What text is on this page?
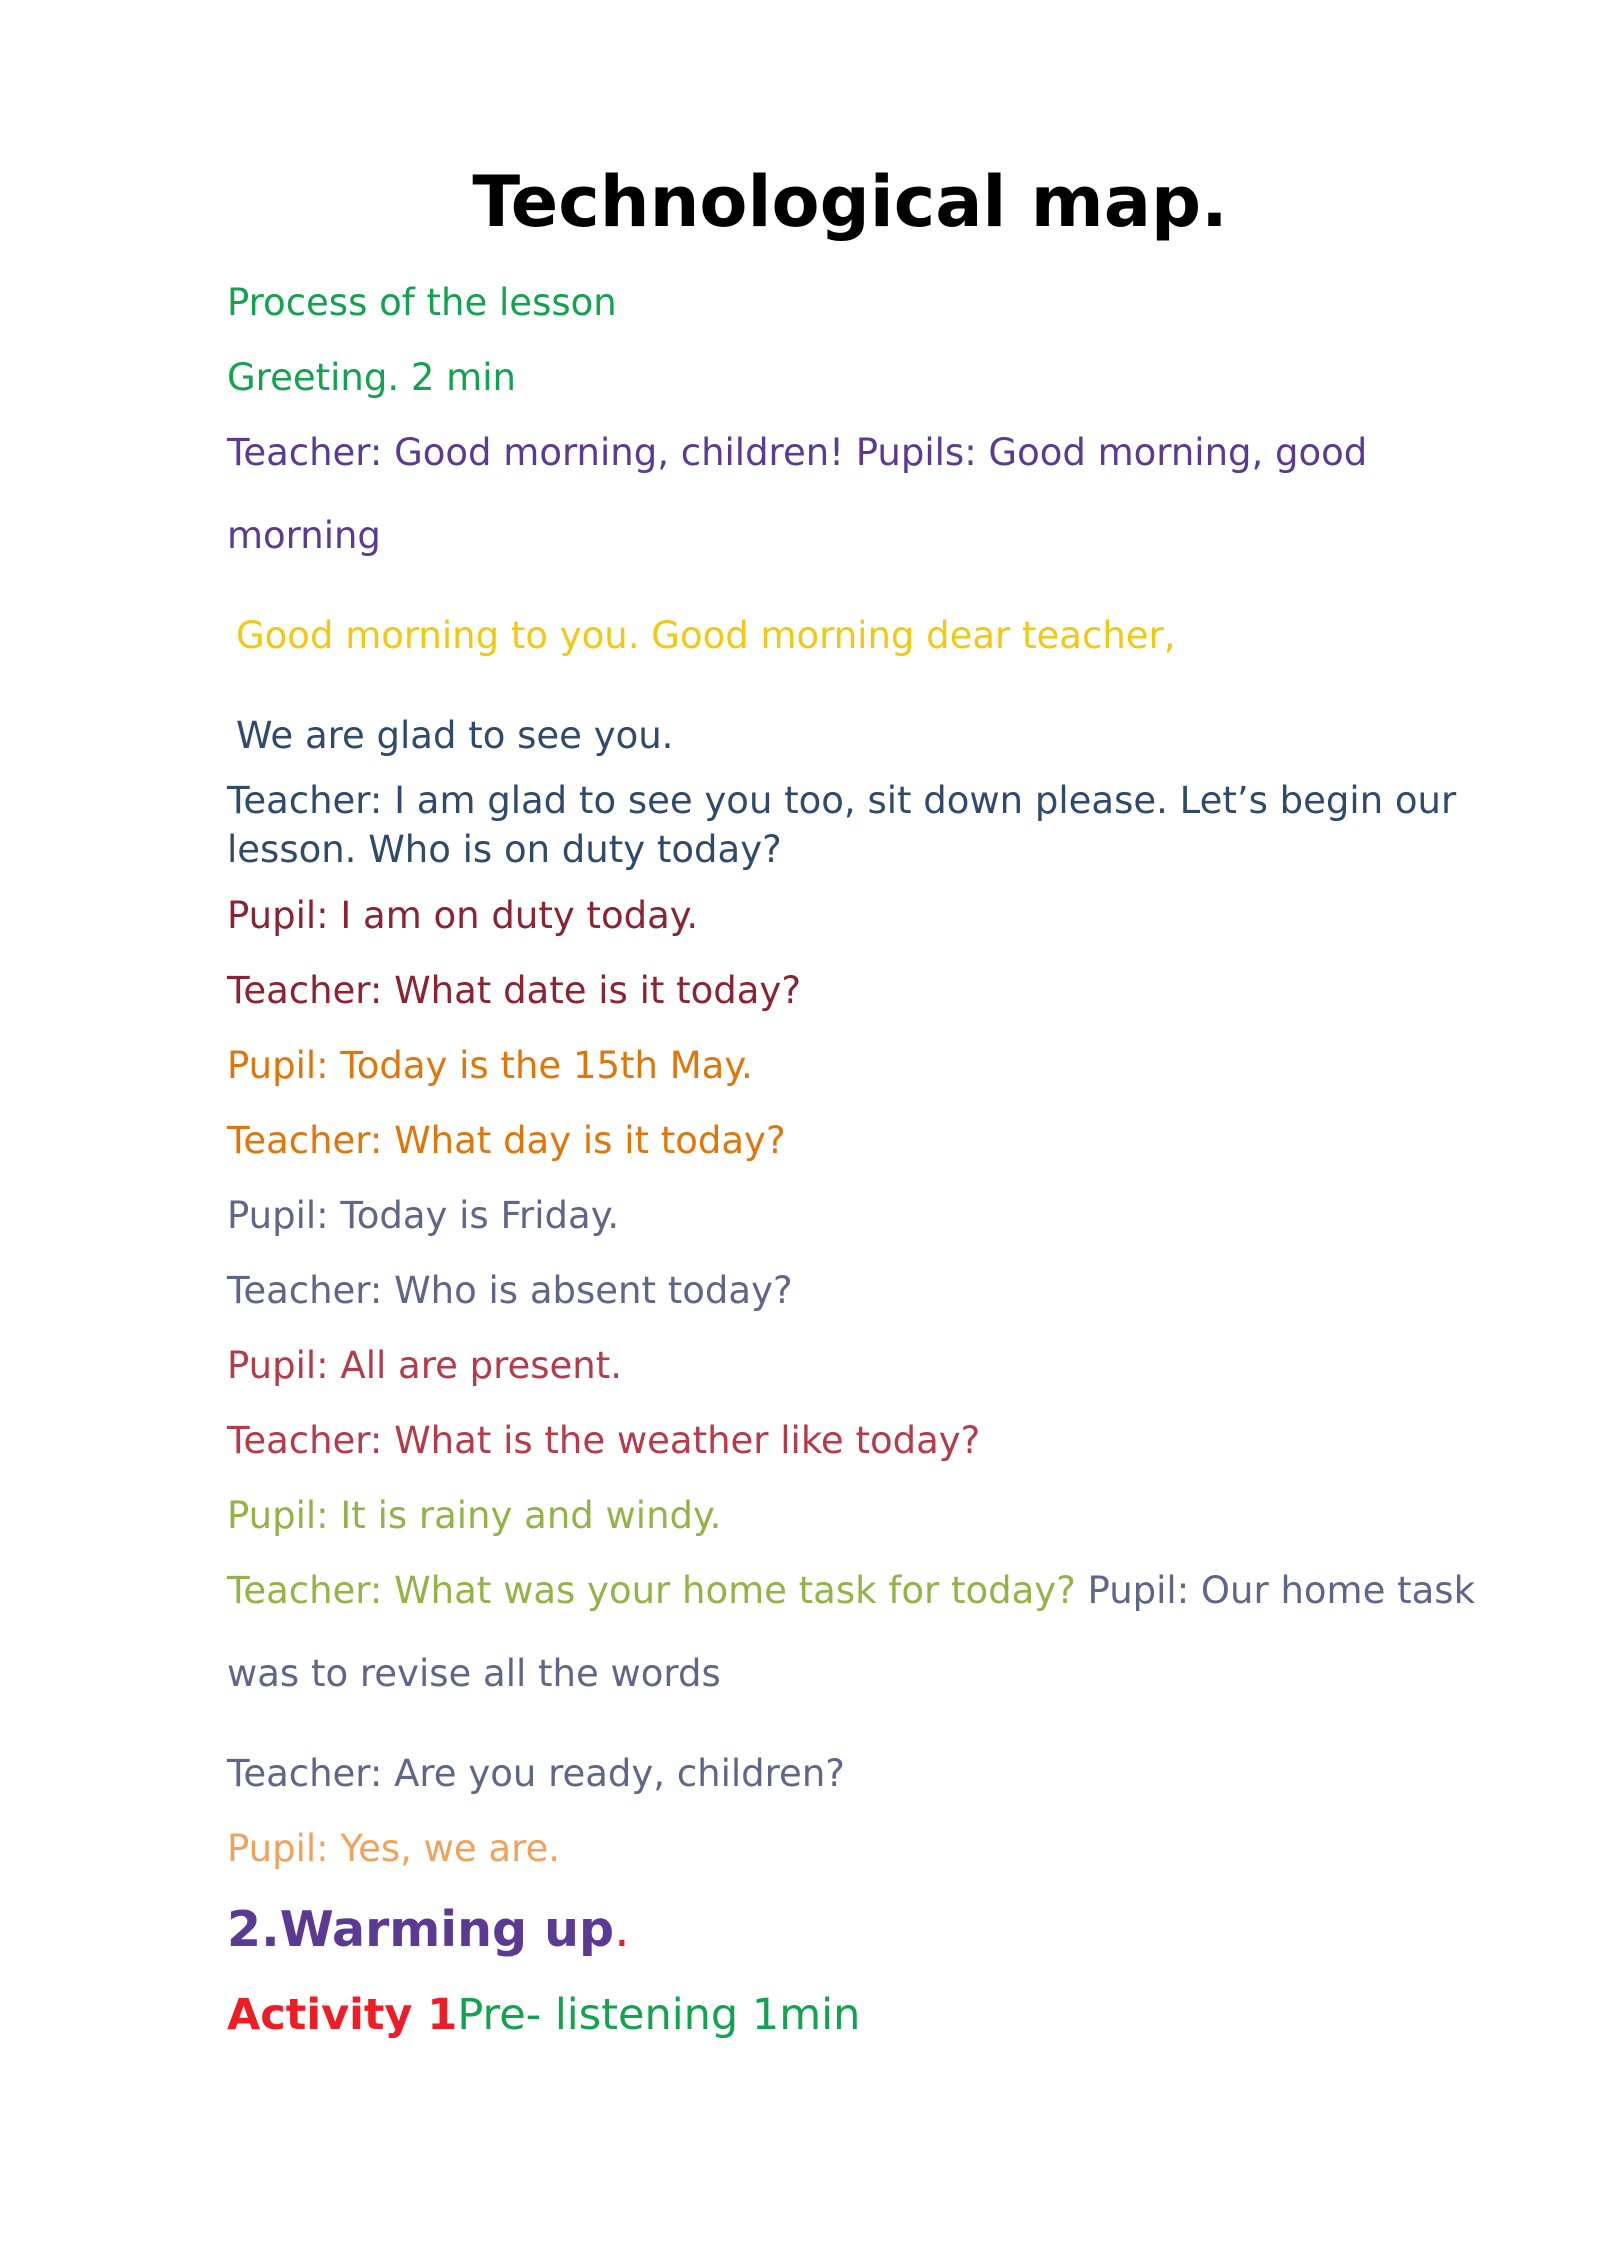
Technological map.
Process of the lesson
Greeting. 2 min
Teacher: Good morning, children! Pupils: Good morning, good
morning
Good morning to you. Good morning dear teacher,
We are glad to see you.
Teacher: I am glad to see you too, sit down please. Let’s begin our
lesson. Who is on duty today?
Pupil: I am on duty today.
Teacher: What date is it today?
Pupil: Today is the 15th May.
Teacher: What day is it today?
Pupil: Today is Friday.
Teacher: Who is absent today?
Pupil: All are present.
Teacher: What is the weather like today?
Pupil: It is rainy and windy.
Teacher: What was your home task for today? Pupil: Our home task
was to revise all the words
Teacher: Are you ready, children?
Pupil: Yes, we are.
2.Warming up.
Activity 1Pre- listening 1min
